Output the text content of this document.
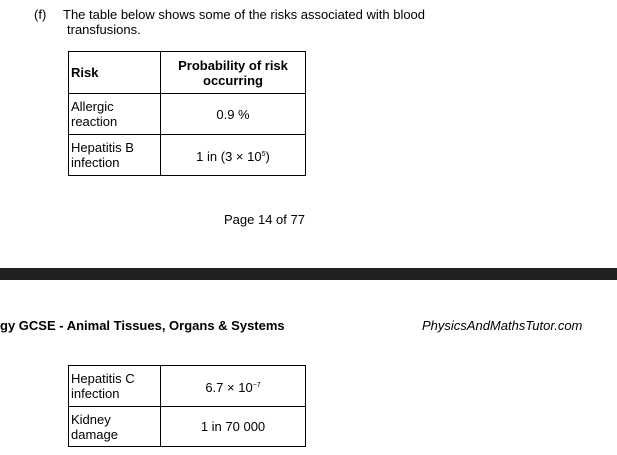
(f) The table below shows some of the risks associated with blood
transfusions.
Risk	Probability of risk
occurring
Allergic
reaction	0.9 %
Hepatitis B
infection	1 in $(3 \times 10^5)$
Page 14 of 77
gy GCSE - Animal Tissues, Organs & Systems	PhysicsAndMathsTutor.com
Hepatitis C
infection	$6.7 \times 10^{-7}$
Kidney
damage	1 in 70 000
